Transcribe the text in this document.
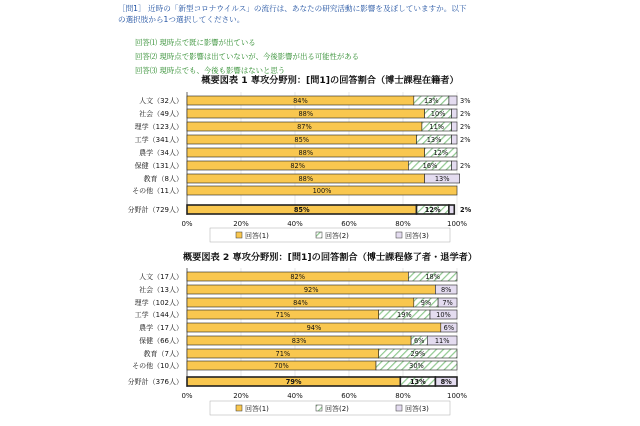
［問1］ 近時の「新型コロナウイルス」の流行は、あなたの研究活動に影響を及ぼしていますか。以下
の選択肢から1つ選択してください。
回答⑴ 現時点で既に影響が出ている
回答⑵ 現時点で影響は出ていないが、今後影響が出る可能性がある
回答⑶ 現時点でも、今後も影響はないと思う
概要図表 1 専攻分野別：[問1]の回答割合（博士課程在籍者）
人文（32人）	84%	13%	3%
社会（49人）	88%	10% 2%
理学（123人）	87%	11% 2%
工学（341人）	85%	13%	2%
農学（34人）	88%	12%
保健（131人）	82%	16%	2%
教育（8人）	88%	13%
その他（11人）	100%
分野計（729人）	85%	12%	2%
0%	20%	40%	60%	80%	100%
回答(1)	回答(2)	回答(3)
概要図表 2 専攻分野別：[問1]の回答割合（博士課程修了者・退学者）
人文（17人）	82%	18%
社会（13人）	92%	8%
理学（102人）	84%	9% 7%
工学（144人）	71%	19%	10%
農学（17人）	94%	6%
保健（66人）	83%	6% 11%
教育（7人）	71%	29%
その他（10人）	70%	30%
分野計（376人）	79%	13% 8%
0%	20%	40%	60%	80%	100%
回答(1)	回答(2)	回答(3)
